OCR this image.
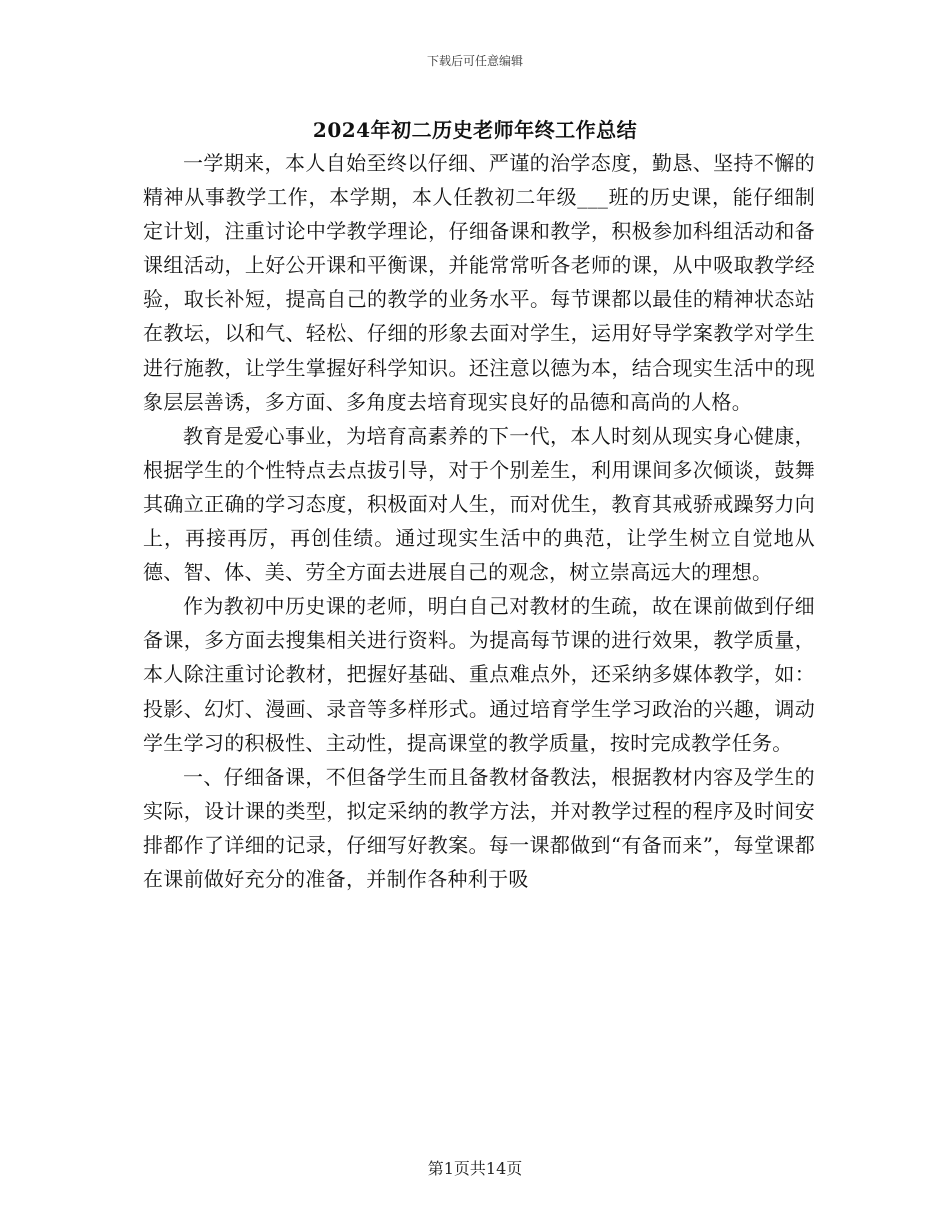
下载后可任意编辑
2024年初二历史老师年终工作总结

一学期来，本人自始至终以仔细、严谨的治学态度，勤恳、坚持不懈的精神从事教学工作，本学期，本人任教初二年级___班的历史课，能仔细制定计划，注重讨论中学教学理论，仔细备课和教学，积极参加科组活动和备课组活动，上好公开课和平衡课，并能常常听各老师的课，从中吸取教学经验，取长补短，提高自己的教学的业务水平。每节课都以最佳的精神状态站在教坛，以和气、轻松、仔细的形象去面对学生，运用好导学案教学对学生进行施教，让学生掌握好科学知识。还注意以德为本，结合现实生活中的现象层层善诱，多方面、多角度去培育现实良好的品德和高尚的人格。

教育是爱心事业，为培育高素养的下一代，本人时刻从现实身心健康，根据学生的个性特点去点拔引导，对于个别差生，利用课间多次倾谈，鼓舞其确立正确的学习态度，积极面对人生，而对优生，教育其戒骄戒躁努力向上，再接再厉，再创佳绩。通过现实生活中的典范，让学生树立自觉地从德、智、体、美、劳全方面去进展自己的观念，树立崇高远大的理想。

作为教初中历史课的老师，明白自己对教材的生疏，故在课前做到仔细备课，多方面去搜集相关进行资料。为提高每节课的进行效果，教学质量，本人除注重讨论教材，把握好基础、重点难点外，还采纳多媒体教学，如：投影、幻灯、漫画、录音等多样形式。通过培育学生学习政治的兴趣，调动学生学习的积极性、主动性，提高课堂的教学质量，按时完成教学任务。

一、仔细备课，不但备学生而且备教材备教法，根据教材内容及学生的实际，设计课的类型，拟定采纳的教学方法，并对教学过程的程序及时间安排都作了详细的记录，仔细写好教案。每一课都做到“有备而来”，每堂课都在课前做好充分的准备，并制作各种利于吸

第1页共14页
